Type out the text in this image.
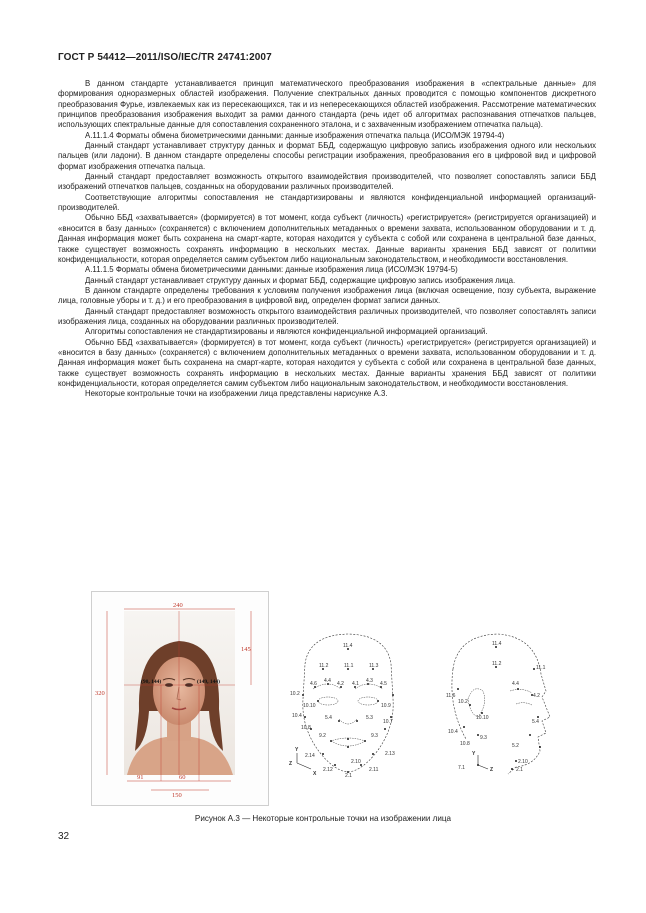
ГОСТ Р 54412—2011/ISO/IEC/TR 24741:2007

В данном стандарте устанавливается принцип математического преобразования изображения в «спектральные данные» для формирования одноразмерных областей изображения. Получение спектральных данных проводится с помощью компонентов дискретного преобразования Фурье, извлекаемых как из пересекающихся, так и из непересекающихся областей изображения. Рассмотрение математических принципов преобразования изображения выходит за рамки данного стандарта (речь идет об алгоритмах распознавания отпечатков пальцев, использующих спектральные данные для сопоставления сохраненного эталона, и с захваченным изображением отпечатка пальца).

А.11.1.4 Форматы обмена биометрическими данными: данные изображения отпечатка пальца (ИСО/МЭК 19794-4)

Данный стандарт устанавливает структуру данных и формат ББД, содержащую цифровую запись изображения одного или нескольких пальцев (или ладони). В данном стандарте определены способы регистрации изображения, преобразования его в цифровой вид и цифровой формат изображения отпечатка пальца.

Данный стандарт предоставляет возможность открытого взаимодействия производителей, что позволяет сопоставлять записи ББД изображений отпечатков пальцев, созданных на оборудовании различных производителей.

Соответствующие алгоритмы сопоставления не стандартизированы и являются конфиденциальной информацией организаций-производителей.

Обычно ББД «захватывается» (формируется) в тот момент, когда субъект (личность) «регистрируется» (регистрируется организацией) и «вносится в базу данных» (сохраняется) с включением дополнительных метаданных о времени захвата, использованном оборудовании и т. д. Данная информация может быть сохранена на смарт-карте, которая находится у субъекта с собой или сохранена в центральной базе данных, также существует возможность сохранять информацию в нескольких местах. Данные варианты хранения ББД зависят от политики конфиденциальности, которая определяется самим субъектом либо национальным законодательством, и необходимости восстановления.

А.11.1.5 Форматы обмена биометрическими данными: данные изображения лица (ИСО/МЭК 19794-5)

Данный стандарт устанавливает структуру данных и формат ББД, содержащие цифровую запись изображения лица.

В данном стандарте определены требования к условиям получения изображения лица (включая освещение, позу субъекта, выражение лица, головные уборы и т. д.) и его преобразования в цифровой вид, определен формат записи данных.

Данный стандарт предоставляет возможность открытого взаимодействия различных производителей, что позволяет сопоставлять записи изображения лица, созданных на оборудовании различных производителей.

Алгоритмы сопоставления не стандартизированы и являются конфиденциальной информацией организаций.

Обычно ББД «захватывается» (формируется) в тот момент, когда субъект (личность) «регистрируется» (регистрируется организацией) и «вносится в базу данных» (сохраняется) с включением дополнительных метаданных о времени захвата, использованном оборудовании и т. д. Данная информация может быть сохранена на смарт-карте, которая находится у субъекта с собой или сохранена в центральной базе данных, также существует возможность сохранять информацию в нескольких местах. Данные варианты хранения ББД зависят от политики конфиденциальности, которая определяется самим субъектом либо национальным законодательством, и необходимости восстановления.

Некоторые контрольные точки на изображении лица представлены нарисунке А.3.

240
320
145
91	60
150
(90, 144)	(149, 144)
11.4
11.2	11.1	11.3
4.6 4.4 4.2 4.1 4.3 4.5
10.2
10.10	10.9
10.4	5.4	5.3
10.7
10.8
9.2	9.3
2.14	2.13
2.10
2.12	2.11
2.1
Y
X
Z
11.4
11.2
11.1
11.6
4.4
4.2
10.2
10.10
5.4
10.4
10.8
9.3
5.2
2.10
2.1
7.1
Y
Z
Рисунок А.3 — Некоторые контрольные точки на изображении лица
32
